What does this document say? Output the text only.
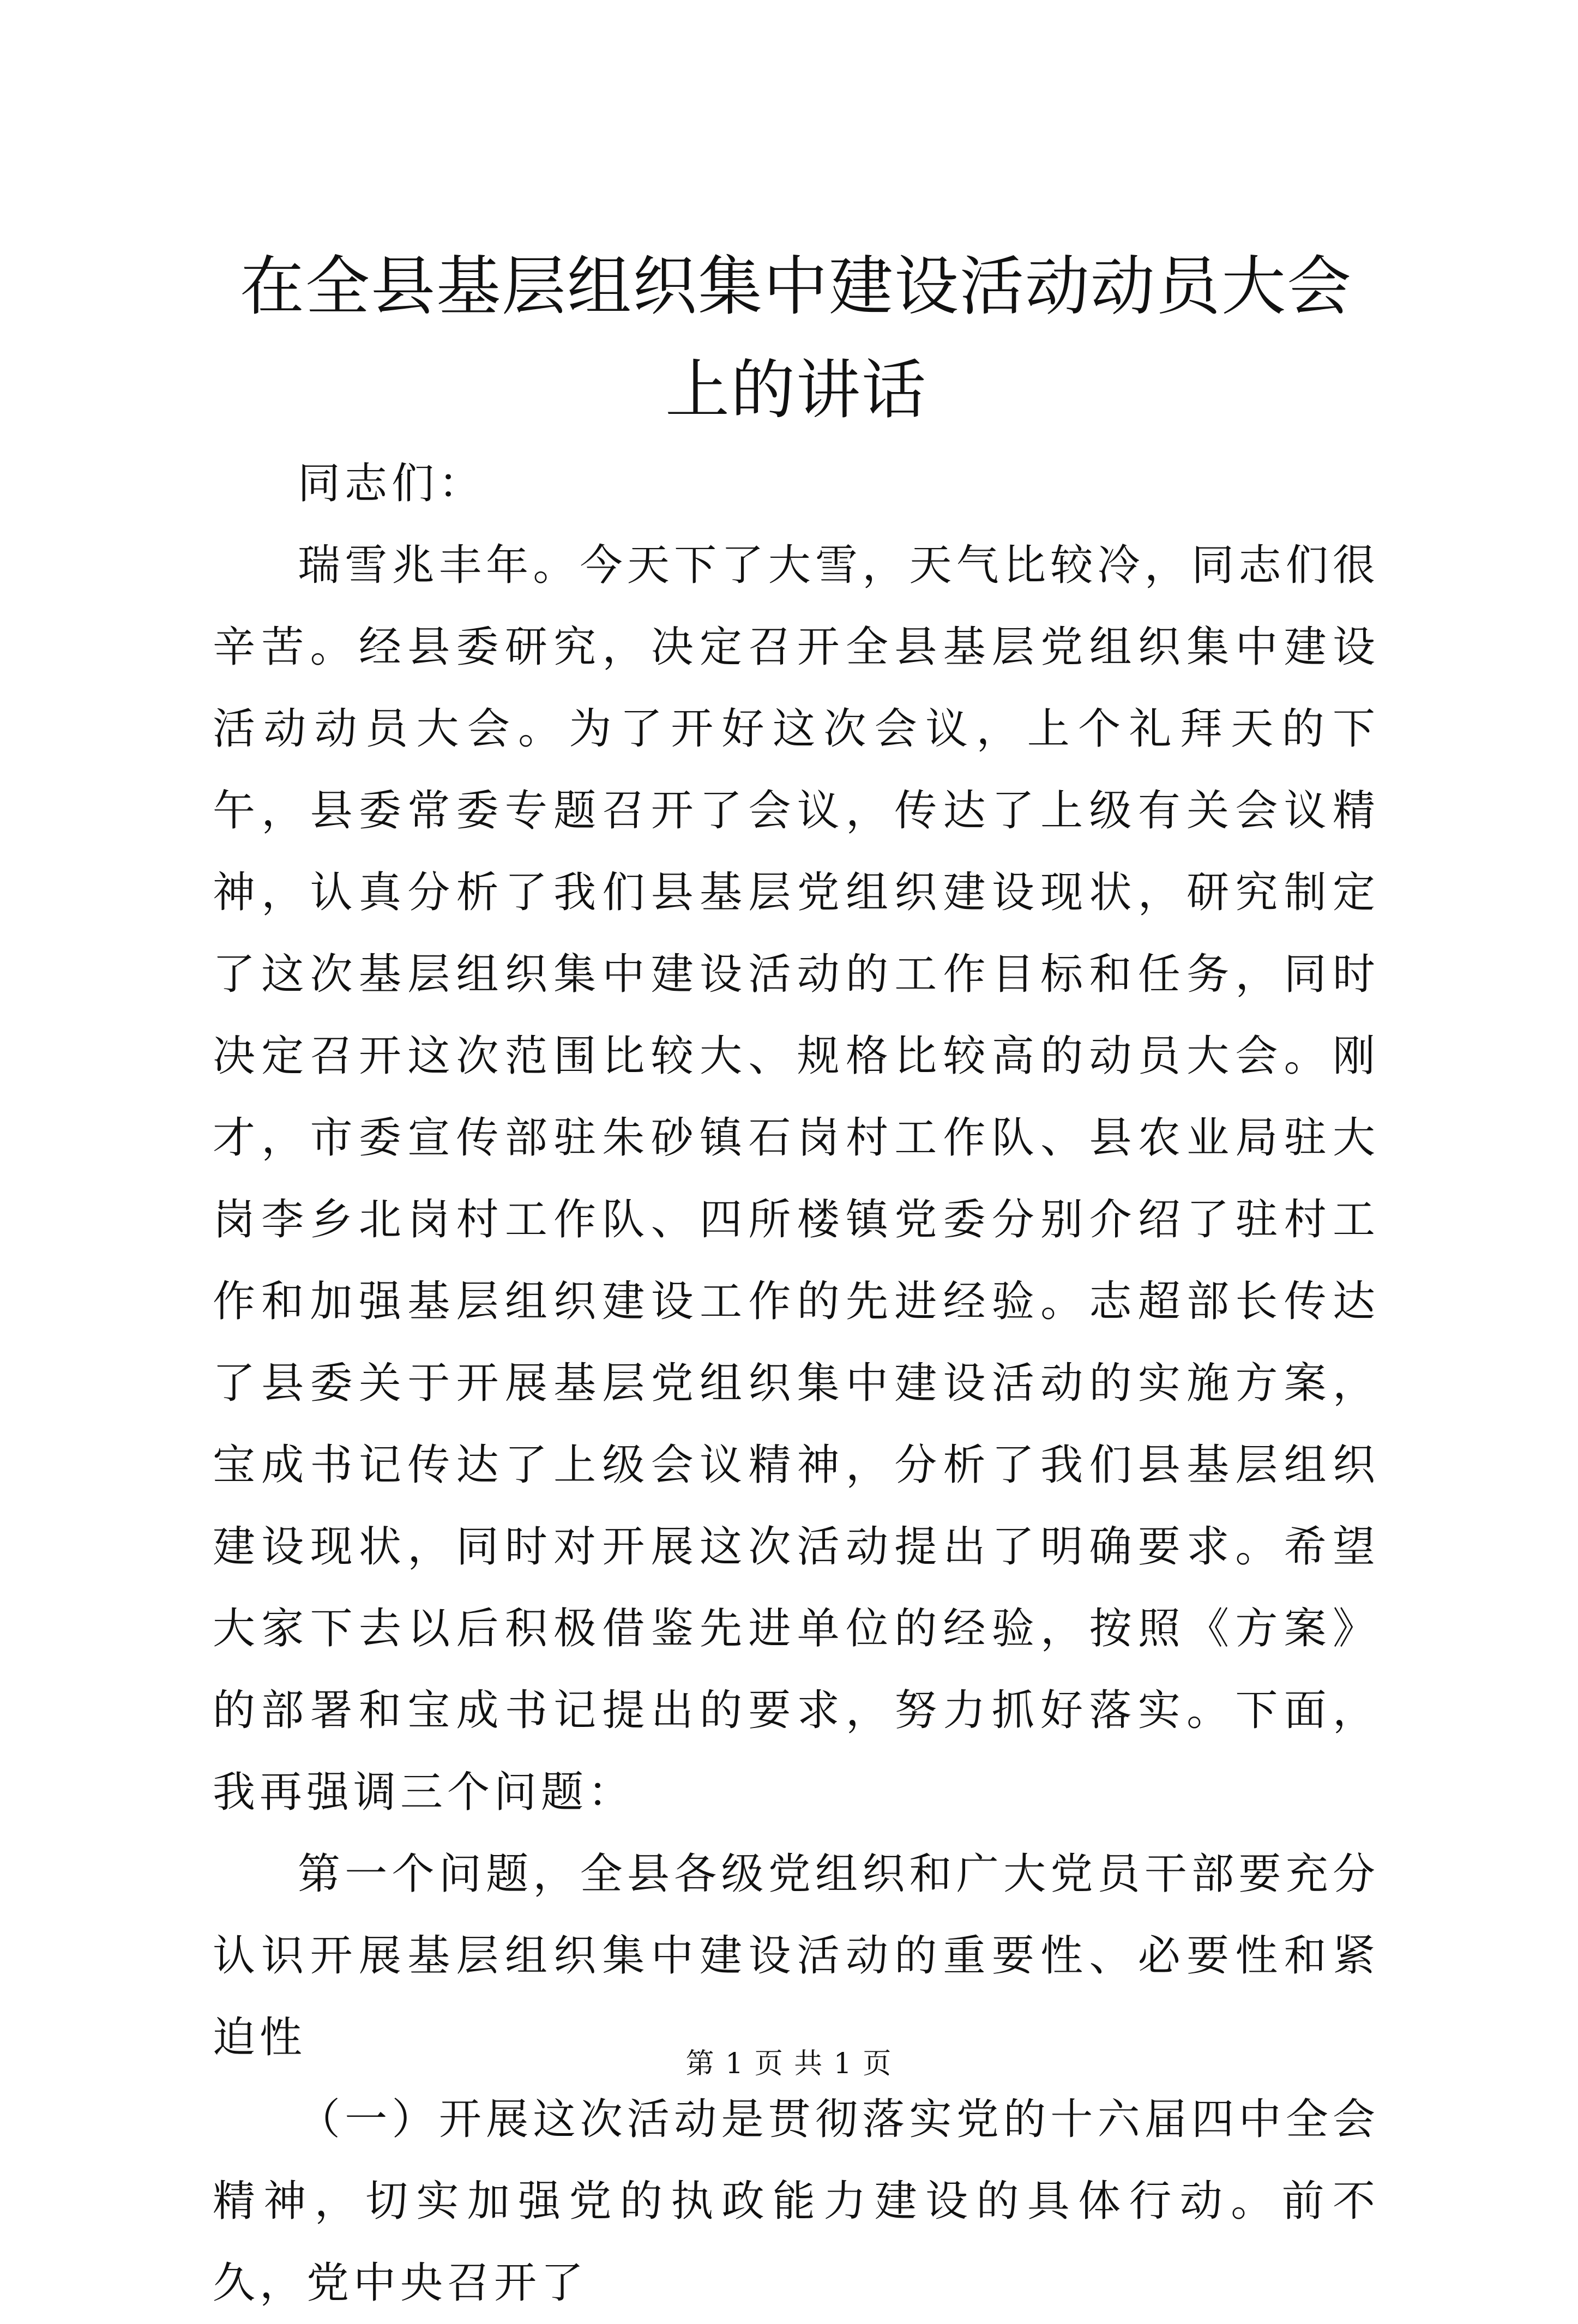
在全县基层组织集中建设活动动员大会上的讲话

同志们：

瑞雪兆丰年。今天下了大雪，天气比较冷，同志们很辛苦。经县委研究，决定召开全县基层党组织集中建设活动动员大会。为了开好这次会议，上个礼拜天的下午，县委常委专题召开了会议，传达了上级有关会议精神，认真分析了我们县基层党组织建设现状，研究制定了这次基层组织集中建设活动的工作目标和任务，同时决定召开这次范围比较大、规格比较高的动员大会。刚才，市委宣传部驻朱砂镇石岗村工作队、县农业局驻大岗李乡北岗村工作队、四所楼镇党委分别介绍了驻村工作和加强基层组织建设工作的先进经验。志超部长传达了县委关于开展基层党组织集中建设活动的实施方案，宝成书记传达了上级会议精神，分析了我们县基层组织建设现状，同时对开展这次活动提出了明确要求。希望大家下去以后积极借鉴先进单位的经验，按照《方案》的部署和宝成书记提出的要求，努力抓好落实。下面，我再强调三个问题：

第一个问题，全县各级党组织和广大党员干部要充分认识开展基层组织集中建设活动的重要性、必要性和紧迫性

（一）开展这次活动是贯彻落实党的十六届四中全会精神，切实加强党的执政能力建设的具体行动。前不久，党中央召开了

第 1 页 共 1 页
